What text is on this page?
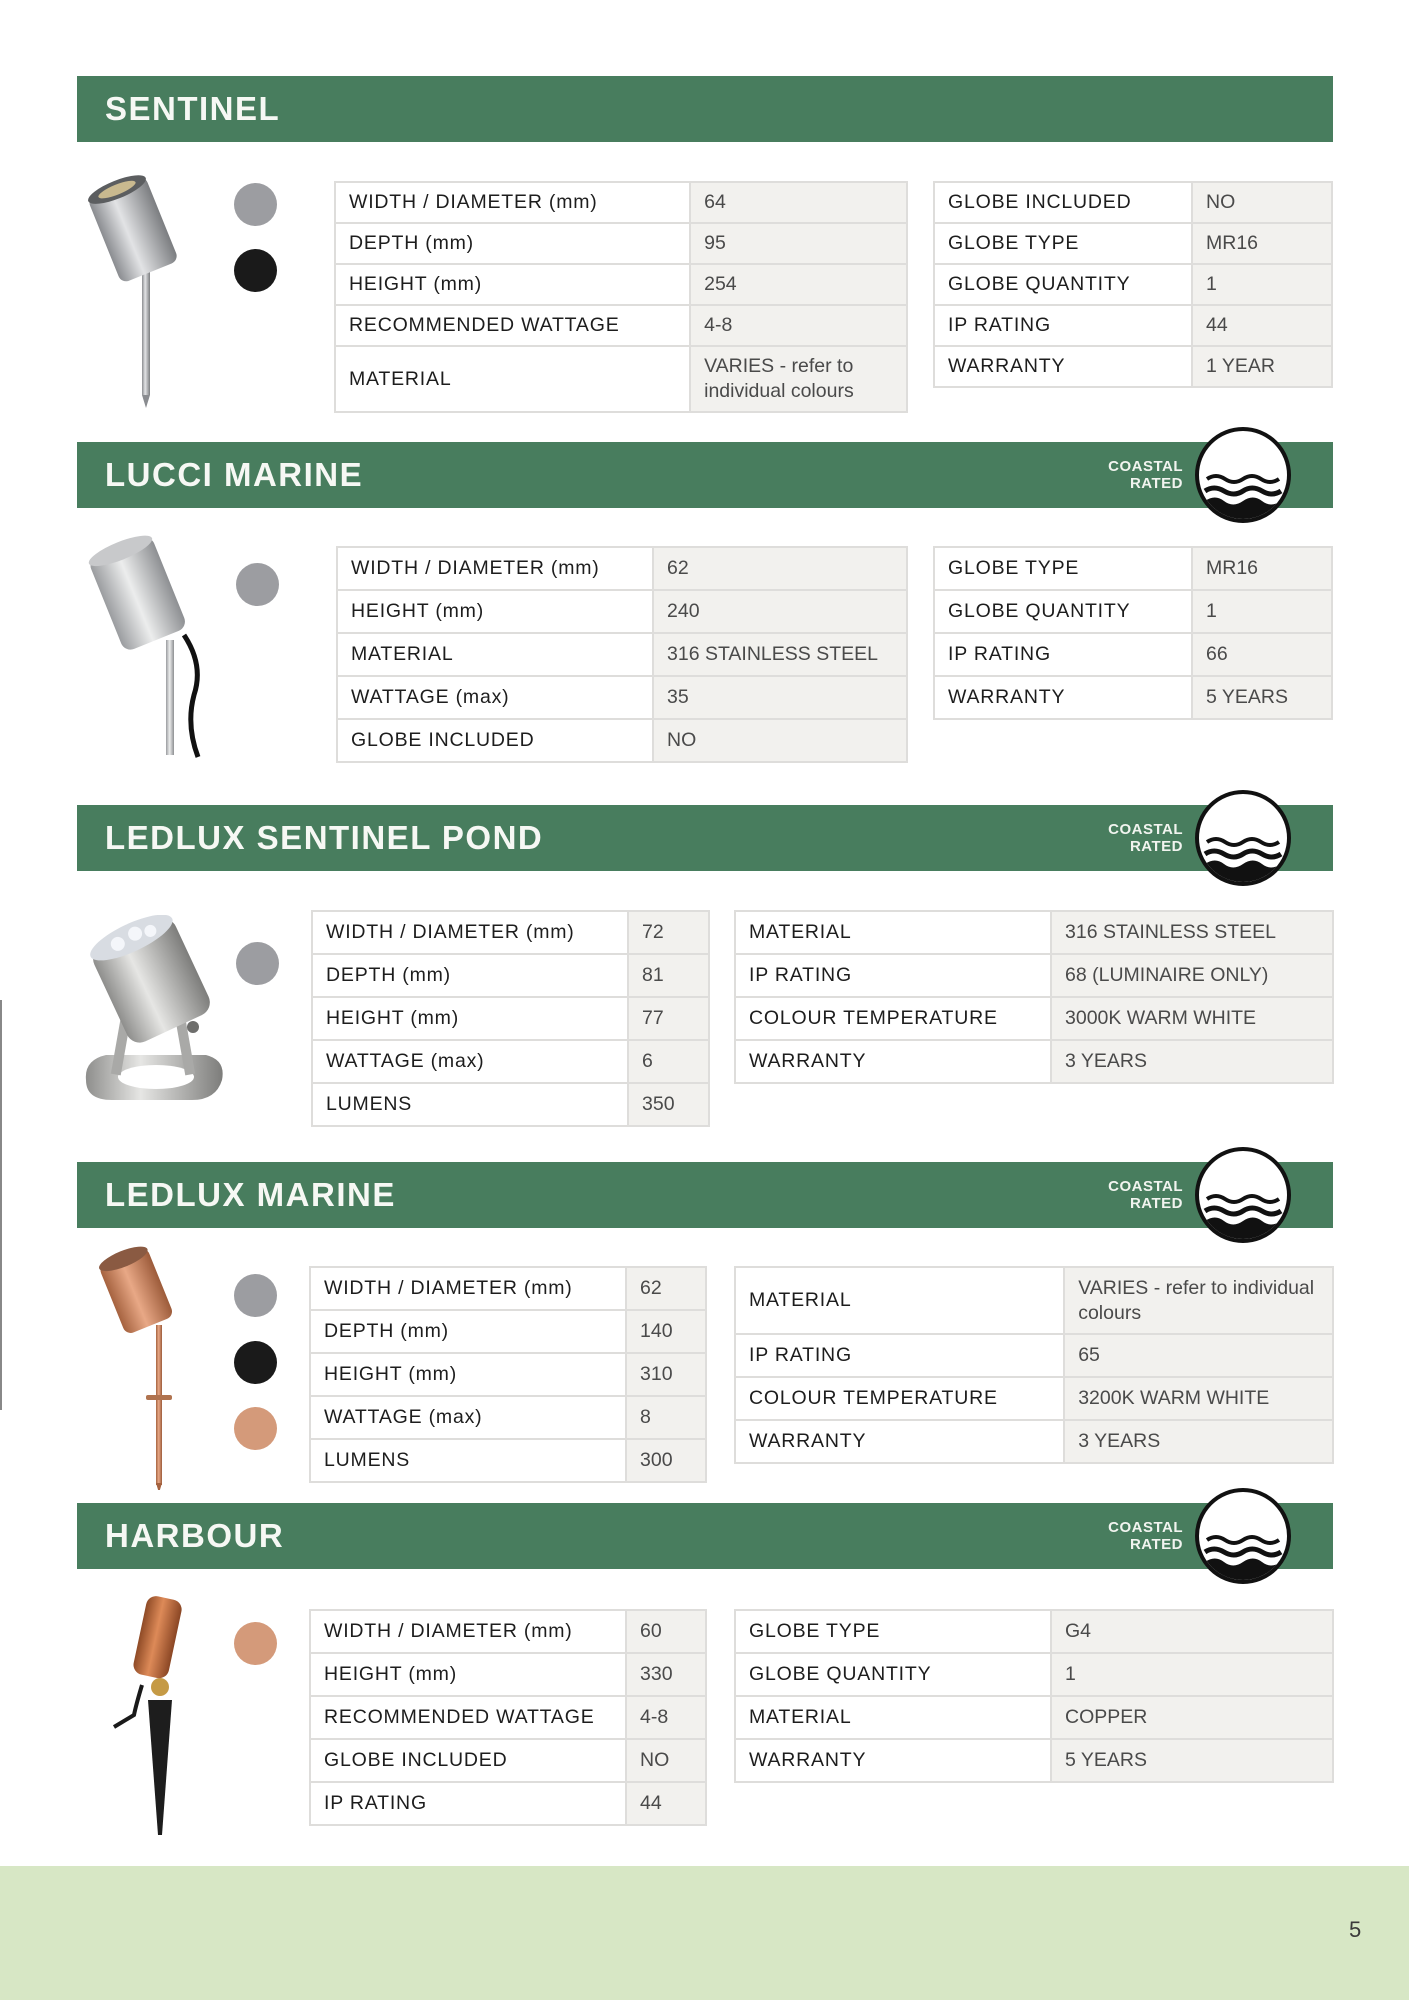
SENTINEL
WIDTH / DIAMETER (mm)	64
DEPTH (mm)	95
HEIGHT (mm)	254
RECOMMENDED WATTAGE	4-8
MATERIAL	VARIES - refer to individual colours
GLOBE INCLUDED	NO
GLOBE TYPE	MR16
GLOBE QUANTITY	1
IP RATING	44
WARRANTY	1 YEAR
LUCCI MARINE	COASTAL
RATED
WIDTH / DIAMETER (mm)	62
HEIGHT (mm)	240
MATERIAL	316 STAINLESS STEEL
WATTAGE (max)	35
GLOBE INCLUDED	NO
GLOBE TYPE	MR16
GLOBE QUANTITY	1
IP RATING	66
WARRANTY	5 YEARS
LEDLUX SENTINEL POND	COASTAL
RATED
WIDTH / DIAMETER (mm)	72
DEPTH (mm)	81
HEIGHT (mm)	77
WATTAGE (max)	6
LUMENS	350
MATERIAL	316 STAINLESS STEEL
IP RATING	68 (LUMINAIRE ONLY)
COLOUR TEMPERATURE	3000K WARM WHITE
WARRANTY	3 YEARS
LEDLUX MARINE	COASTAL
RATED
WIDTH / DIAMETER (mm)	62
DEPTH (mm)	140
HEIGHT (mm)	310
WATTAGE (max)	8
LUMENS	300
MATERIAL	VARIES - refer to individual colours
IP RATING	65
COLOUR TEMPERATURE	3200K WARM WHITE
WARRANTY	3 YEARS
HARBOUR	COASTAL
RATED
WIDTH / DIAMETER (mm)	60
HEIGHT (mm)	330
RECOMMENDED WATTAGE	4-8
GLOBE INCLUDED	NO
IP RATING	44
GLOBE TYPE	G4
GLOBE QUANTITY	1
MATERIAL	COPPER
WARRANTY	5 YEARS
5
